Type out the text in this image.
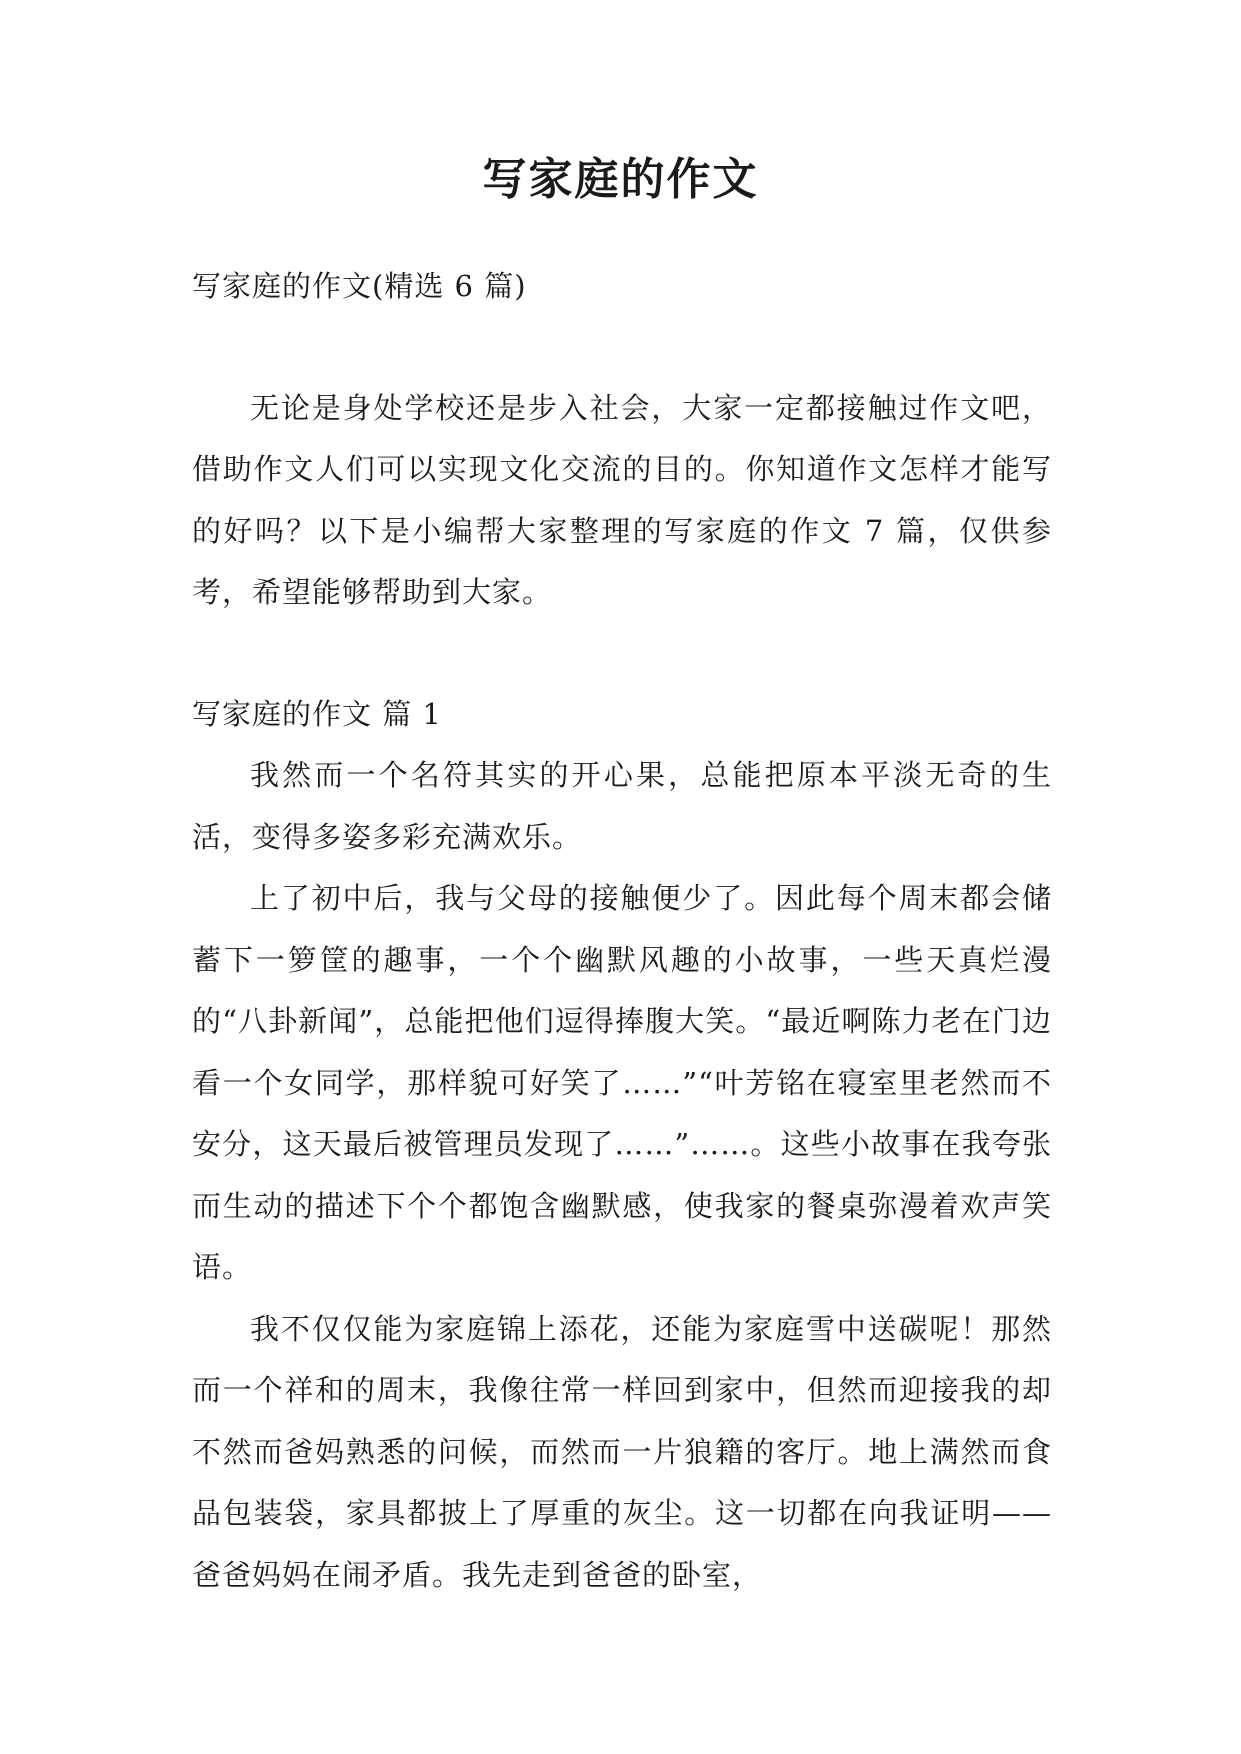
写家庭的作文

写家庭的作文(精选 6 篇)

无论是身处学校还是步入社会，大家一定都接触过作文吧，借助作文人们可以实现文化交流的目的。你知道作文怎样才能写的好吗？以下是小编帮大家整理的写家庭的作文 7 篇，仅供参考，希望能够帮助到大家。

写家庭的作文 篇 1

我然而一个名符其实的开心果，总能把原本平淡无奇的生活，变得多姿多彩充满欢乐。

上了初中后，我与父母的接触便少了。因此每个周末都会储蓄下一箩筐的趣事，一个个幽默风趣的小故事，一些天真烂漫的“八卦新闻”，总能把他们逗得捧腹大笑。“最近啊陈力老在门边看一个女同学，那样貌可好笑了……”“叶芳铭在寝室里老然而不安分，这天最后被管理员发现了……”……。这些小故事在我夸张而生动的描述下个个都饱含幽默感，使我家的餐桌弥漫着欢声笑语。

我不仅仅能为家庭锦上添花，还能为家庭雪中送碳呢！那然而一个祥和的周末，我像往常一样回到家中，但然而迎接我的却不然而爸妈熟悉的问候，而然而一片狼籍的客厅。地上满然而食品包装袋，家具都披上了厚重的灰尘。这一切都在向我证明——爸爸妈妈在闹矛盾。我先走到爸爸的卧室，
